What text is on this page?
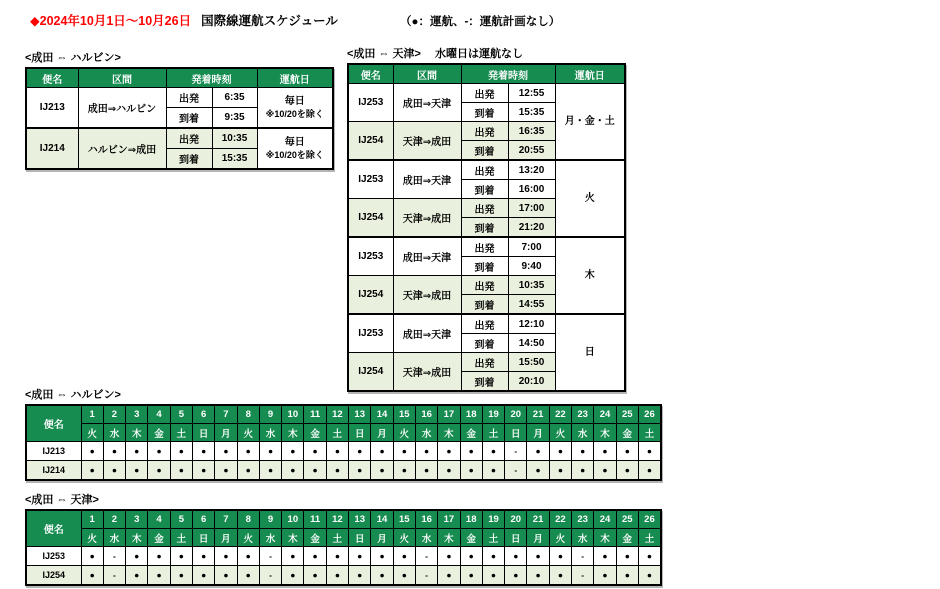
◆2024年10月1日～10月26日 国際線運航スケジュール	（●：運航、-：運航計画なし）
<成田 ⇔ ハルビン>
便名	区間	発着時刻		運航日
IJ213	成田⇒ハルビン	出発	6:35	毎日
※10/20を除く

		到着	9:35	
IJ214	ハルビン⇒成田	出発	10:35	毎日
※10/20を除く

		到着	15:35	
<成田 ⇔ 天津> 水曜日は運航なし
便名	区間	発着時刻		運航日
IJ253	成田⇒天津	出発	12:55	月・金・土

		到着	15:35	
IJ254	天津⇒成田	出発	16:35	
		到着	20:55	
IJ253	成田⇒天津	出発	13:20	火

		到着	16:00	
IJ254	天津⇒成田	出発	17:00	
		到着	21:20	
IJ253	成田⇒天津	出発	7:00	木

		到着	9:40	
IJ254	天津⇒成田	出発	10:35	
		到着	14:55	
IJ253	成田⇒天津	出発	12:10	日

		到着	14:50	
IJ254	天津⇒成田	出発	15:50	
		到着	20:10	
<成田 ⇔ ハルビン>
便名	1	2	3	4	5	6	7	8	9	10	11	12	13	14	15	16	17	18	19	20	21	22	23	24	25	26
	火	水	木	金	土	日	月	火	水	木	金	土	日	月	火	水	木	金	土	日	月	火	水	木	金	土
IJ213	●	●	●	●	●	●	●	●	●	●	●	●	●	●	●	●	●	●	●	-	●	●	●	●	●	●
IJ214	●	●	●	●	●	●	●	●	●	●	●	●	●	●	●	●	●	●	●	-	●	●	●	●	●	●
<成田 ⇔ 天津>
便名	1	2	3	4	5	6	7	8	9	10	11	12	13	14	15	16	17	18	19	20	21	22	23	24	25	26
	火	水	木	金	土	日	月	火	水	木	金	土	日	月	火	水	木	金	土	日	月	火	水	木	金	土
IJ253	●	-	●	●	●	●	●	●	-	●	●	●	●	●	●	-	●	●	●	●	●	●	-	●	●	●
IJ254	●	-	●	●	●	●	●	●	-	●	●	●	●	●	●	-	●	●	●	●	●	●	-	●	●	●
